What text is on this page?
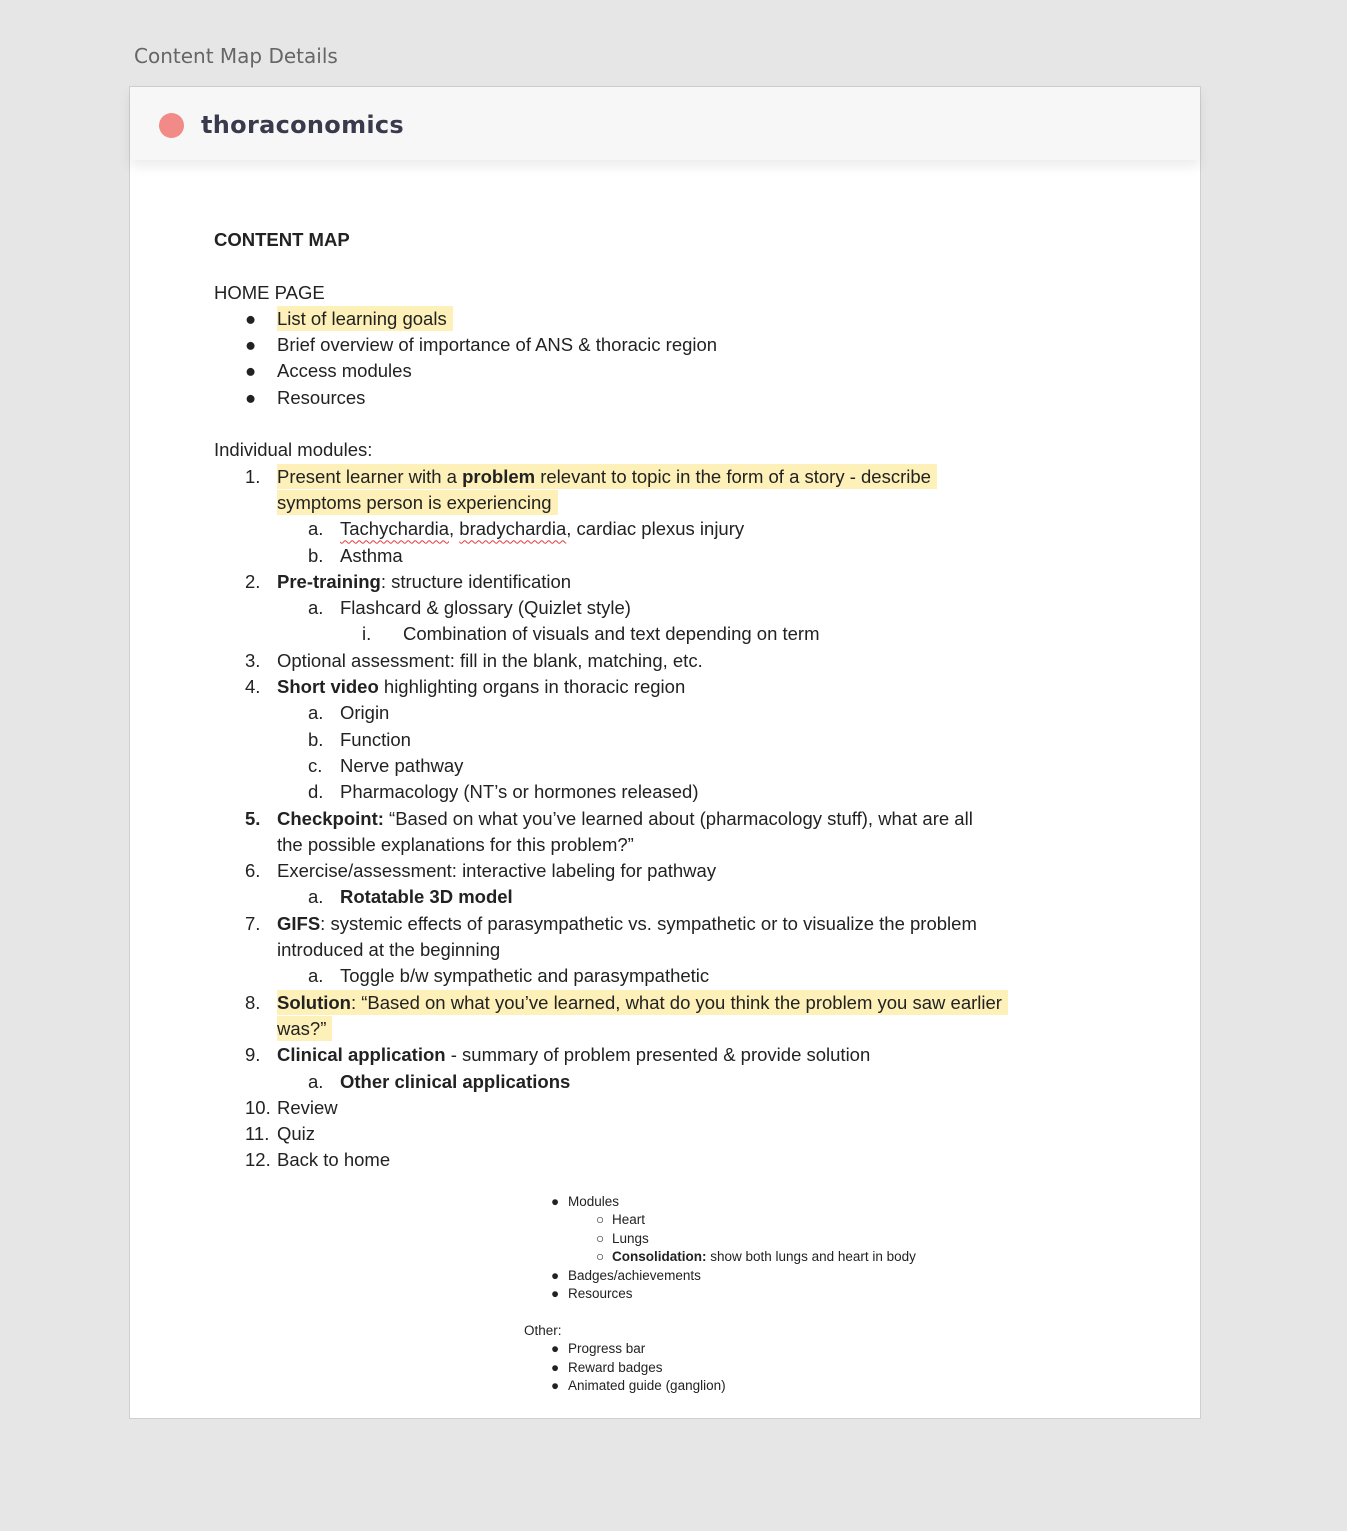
Content Map Details
thoraconomics
CONTENT MAP
HOME PAGE
● List of learning goals
● Brief overview of importance of ANS & thoracic region
● Access modules
● Resources
Individual modules:
1. Present learner with a problem relevant to topic in the form of a story - describe
symptoms person is experiencing
a. Tachychardia, bradychardia, cardiac plexus injury
b. Asthma
2. Pre-training: structure identification
a. Flashcard & glossary (Quizlet style)
i. Combination of visuals and text depending on term
3. Optional assessment: fill in the blank, matching, etc.
4. Short video highlighting organs in thoracic region
a. Origin
b. Function
c. Nerve pathway
d. Pharmacology (NT’s or hormones released)
5. Checkpoint: “Based on what you’ve learned about (pharmacology stuff), what are all
the possible explanations for this problem?”
6. Exercise/assessment: interactive labeling for pathway
a. Rotatable 3D model
7. GIFS: systemic effects of parasympathetic vs. sympathetic or to visualize the problem
introduced at the beginning
a. Toggle b/w sympathetic and parasympathetic
8. Solution: “Based on what you’ve learned, what do you think the problem you saw earlier
was?”
9. Clinical application - summary of problem presented & provide solution
a. Other clinical applications
10. Review
11. Quiz
12. Back to home
● Modules
○ Heart
○ Lungs
○ Consolidation: show both lungs and heart in body
● Badges/achievements
● Resources
Other:
● Progress bar
● Reward badges
● Animated guide (ganglion)
